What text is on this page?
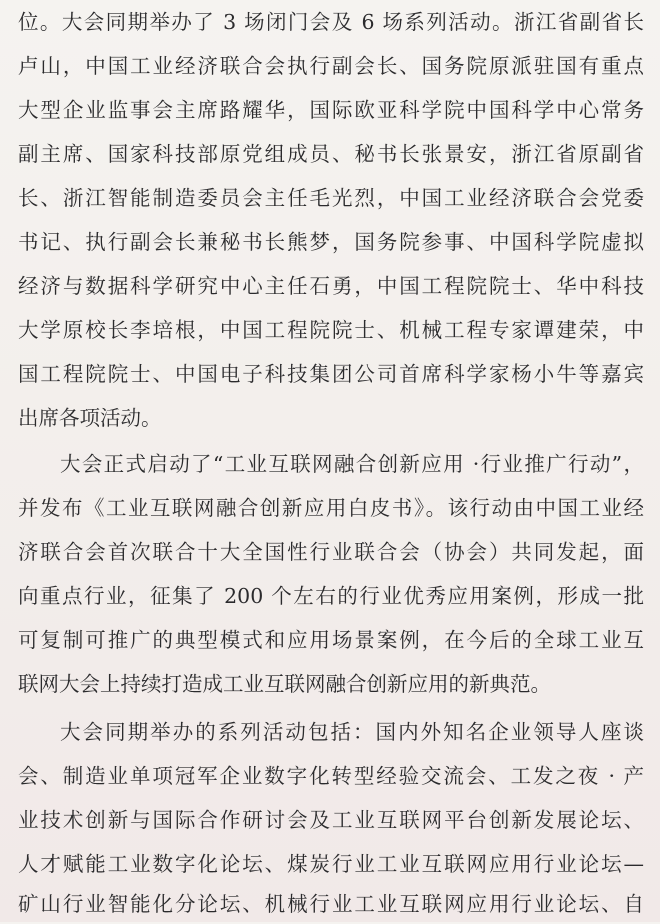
位。大会同期举办了 3 场闭门会及 6 场系列活动。浙江省副省长
卢山，中国工业经济联合会执行副会长、国务院原派驻国有重点
大型企业监事会主席路耀华，国际欧亚科学院中国科学中心常务
副主席、国家科技部原党组成员、秘书长张景安，浙江省原副省
长、浙江智能制造委员会主任毛光烈，中国工业经济联合会党委
书记、执行副会长兼秘书长熊梦，国务院参事、中国科学院虚拟
经济与数据科学研究中心主任石勇，中国工程院院士、华中科技
大学原校长李培根，中国工程院院士、机械工程专家谭建荣，中
国工程院院士、中国电子科技集团公司首席科学家杨小牛等嘉宾
出席各项活动。
大会正式启动了“工业互联网融合创新应用 ·行业推广行动”，
并发布《工业互联网融合创新应用白皮书》。该行动由中国工业经
济联合会首次联合十大全国性行业联合会（协会）共同发起，面
向重点行业，征集了 200 个左右的行业优秀应用案例，形成一批
可复制可推广的典型模式和应用场景案例，在今后的全球工业互
联网大会上持续打造成工业互联网融合创新应用的新典范。
大会同期举办的系列活动包括：国内外知名企业领导人座谈
会、制造业单项冠军企业数字化转型经验交流会、工发之夜 · 产
业技术创新与国际合作研讨会及工业互联网平台创新发展论坛、
人才赋能工业数字化论坛、煤炭行业工业互联网应用行业论坛—
矿山行业智能化分论坛、机械行业工业互联网应用行业论坛、自
